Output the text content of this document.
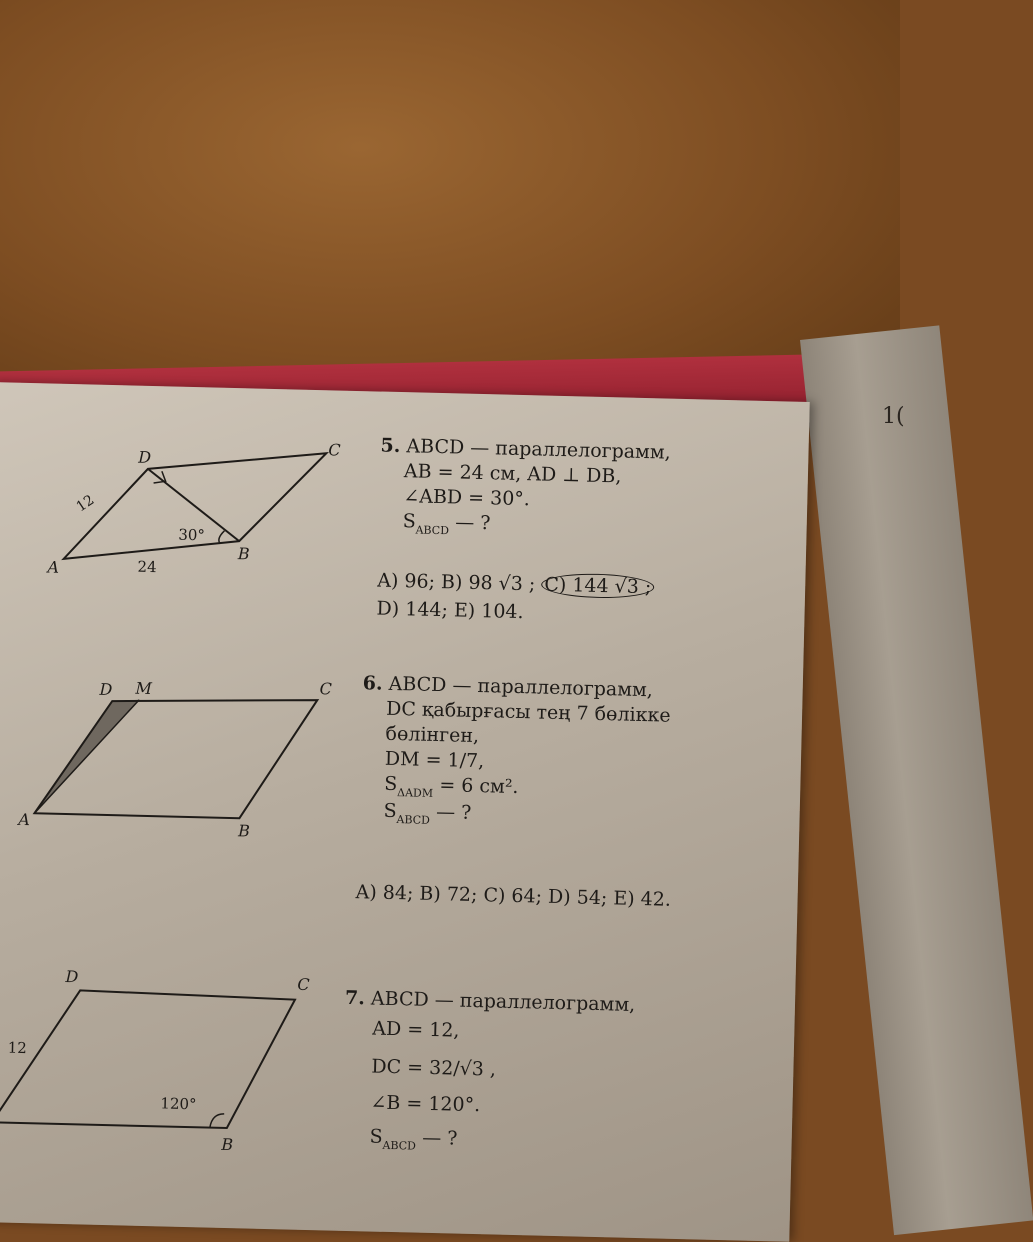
1(
A
B
C
D
24
30°
12
5. ABCD — параллелограмм,
AB = 24 см, AD ⊥ DB,
∠ABD = 30°.
$S_{ABCD}$ — ?
A) 96; B) 98 √3 ; C) 144 √3 ;
D) 144; E) 104.
A
B
C
D M	6. ABCD — параллелограмм,
DC қабырғасы тең 7 бөлікке
бөлінген,
DM = 1/7,
$S_{\Delta ADM} = 6$ см².
$S_{ABCD}$ — ?
A) 84; B) 72; C) 64; D) 54; E) 42.
B
C
D
12
120°
7. ABCD — параллелограмм,
AD = 12,
DC = 32/√3 ,
∠B = 120°.
$S_{ABCD}$ — ?
